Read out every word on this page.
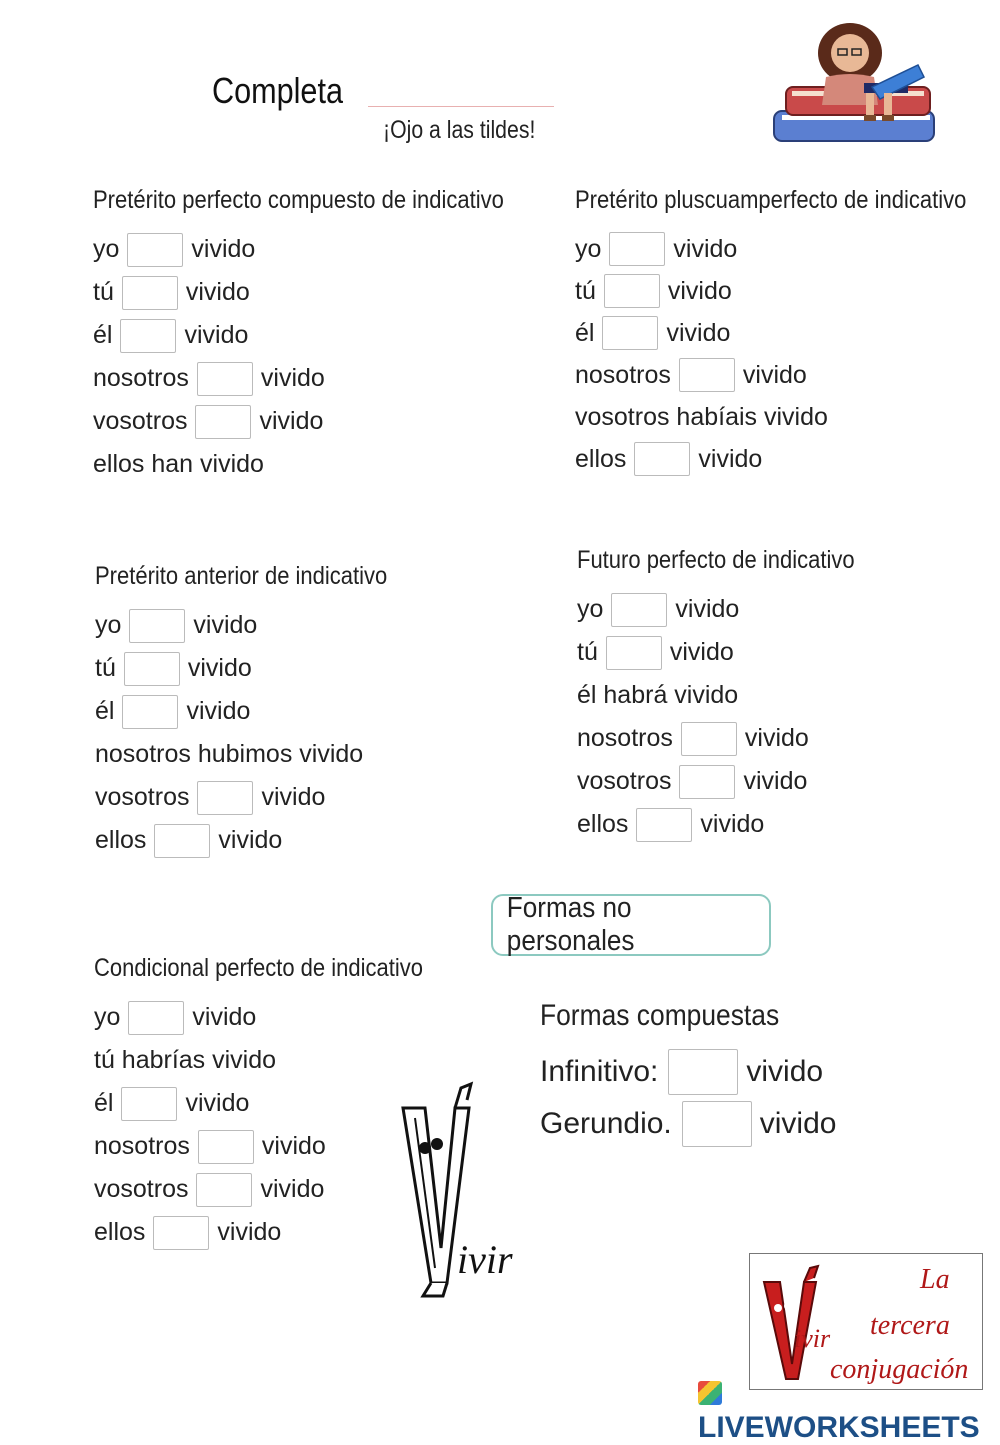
Completa
¡Ojo a las tildes!
Pretérito perfecto compuesto de indicativo
yo	vivido
tú	vivido
él	vivido
nosotros	vivido
vosotros	vivido
ellos han vivido
Pretérito pluscuamperfecto de indicativo
yo	vivido
tú	vivido
él	vivido
nosotros	vivido
vosotros habíais vivido
ellos	vivido
Pretérito anterior de indicativo
yo	vivido
tú	vivido
él	vivido
nosotros hubimos vivido
vosotros	vivido
ellos	vivido
Futuro perfecto de indicativo
yo	vivido
tú	vivido
él habrá vivido
nosotros	vivido
vosotros	vivido
ellos	vivido
Formas no personales
Condicional perfecto de indicativo
yo	vivido
tú habrías vivido
él	vivido
nosotros	vivido
vosotros	vivido
ellos	vivido
Formas compuestas
Infinitivo:	vivido
Gerundio.	vivido
ivir
ivir
La
tercera
conjugación
LIVEWORKSHEETS
